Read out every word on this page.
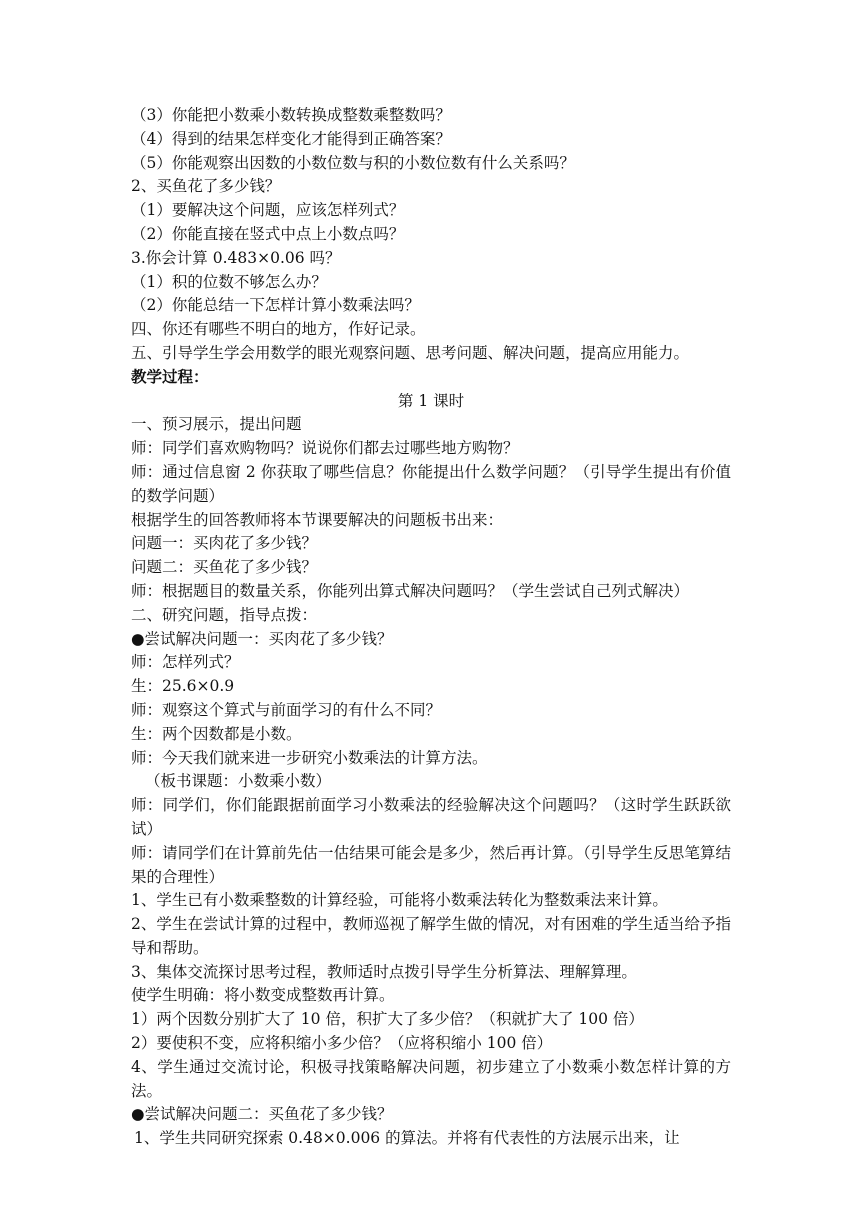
（3）你能把小数乘小数转换成整数乘整数吗？
（4）得到的结果怎样变化才能得到正确答案？
（5）你能观察出因数的小数位数与积的小数位数有什么关系吗？
2、买鱼花了多少钱？
（1）要解决这个问题，应该怎样列式？
（2）你能直接在竖式中点上小数点吗？
3.你会计算 0.483×0.06 吗？
（1）积的位数不够怎么办？
（2）你能总结一下怎样计算小数乘法吗？
四、你还有哪些不明白的地方，作好记录。
五、引导学生学会用数学的眼光观察问题、思考问题、解决问题，提高应用能力。
教学过程：
第 1 课时
一、预习展示，提出问题
师：同学们喜欢购物吗？说说你们都去过哪些地方购物？
师：通过信息窗 2 你获取了哪些信息？你能提出什么数学问题？（引导学生提出有价值的数学问题）
根据学生的回答教师将本节课要解决的问题板书出来：
问题一：买肉花了多少钱？
问题二：买鱼花了多少钱？
师：根据题目的数量关系，你能列出算式解决问题吗？（学生尝试自己列式解决）
二、研究问题，指导点拨：
●尝试解决问题一：买肉花了多少钱？
师：怎样列式？
生：25.6×0.9
师：观察这个算式与前面学习的有什么不同？
生：两个因数都是小数。
师：今天我们就来进一步研究小数乘法的计算方法。
（板书课题：小数乘小数）
师：同学们，你们能跟据前面学习小数乘法的经验解决这个问题吗？（这时学生跃跃欲试）
师：请同学们在计算前先估一估结果可能会是多少，然后再计算。（引导学生反思笔算结果的合理性）
1、学生已有小数乘整数的计算经验，可能将小数乘法转化为整数乘法来计算。
2、学生在尝试计算的过程中，教师巡视了解学生做的情况，对有困难的学生适当给予指导和帮助。
3、集体交流探讨思考过程，教师适时点拨引导学生分析算法、理解算理。
使学生明确：将小数变成整数再计算。
1）两个因数分别扩大了 10 倍，积扩大了多少倍？（积就扩大了 100 倍）
2）要使积不变，应将积缩小多少倍？（应将积缩小 100 倍）
4、学生通过交流讨论，积极寻找策略解决问题，初步建立了小数乘小数怎样计算的方法。
●尝试解决问题二：买鱼花了多少钱？
1、学生共同研究探索 0.48×0.006 的算法。并将有代表性的方法展示出来，让
